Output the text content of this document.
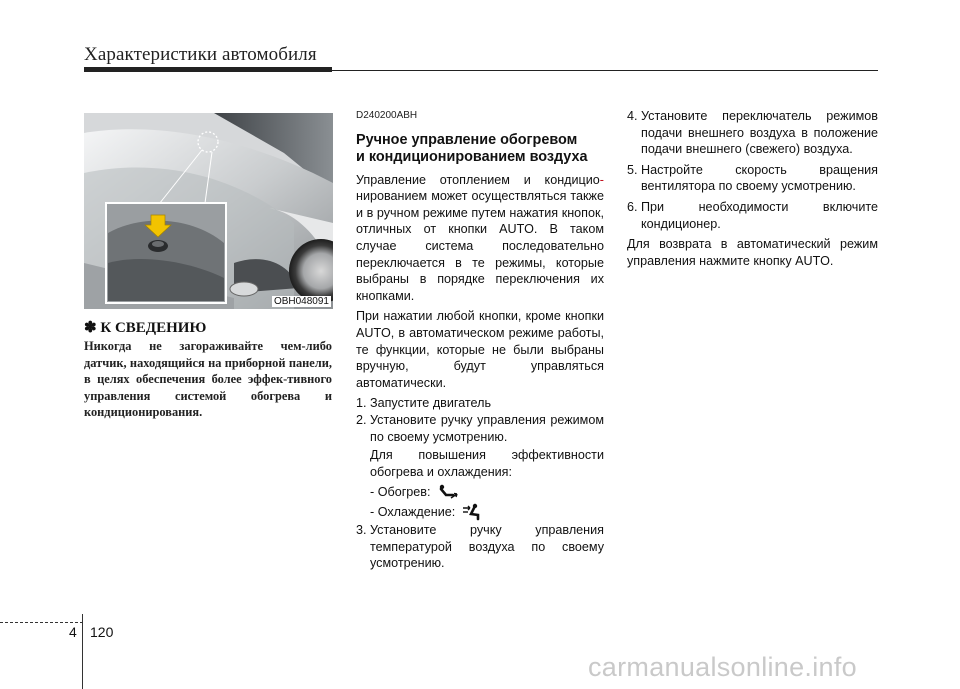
Характеристики автомобиля
OBH048091
✽ К СВЕДЕНИЮ
Никогда не загораживайте чем-либо датчик, находящийся на приборной панели, в целях обеспечения более эффек-тивного управления системой обогрева и кондиционирования.
D240200ABH
Ручное управление обогревом
и кондиционированием воздуха

Управление отоплением и кондицио-нированием может осуществляться также и в ручном режиме путем нажатия кнопок, отличных от кнопки AUTO. В таком случае система последовательно переключается в те режимы, которые выбраны в порядке переключения их кнопками.

При нажатии любой кнопки, кроме кнопки AUTO, в автоматическом режиме работы, те функции, которые не были выбраны вручную, будут управляться автоматически.

1. Запустите двигатель
2. Установите ручку управления режимом по своему усмотрению.
Для повышения эффективности обогрева и охлаждения:
- Обогрев:
- Охлаждение:
3. Установите ручку управления температурой воздуха по своему усмотрению.
4. Установите переключатель режимов подачи внешнего воздуха в положение подачи внешнего (свежего) воздуха.
5. Настройте скорость вращения вентилятора по своему усмотрению.
6. При необходимости включите кондиционер.

Для возврата в автоматический режим управления нажмите кнопку AUTO.

4 120
carmanualsonline.info
